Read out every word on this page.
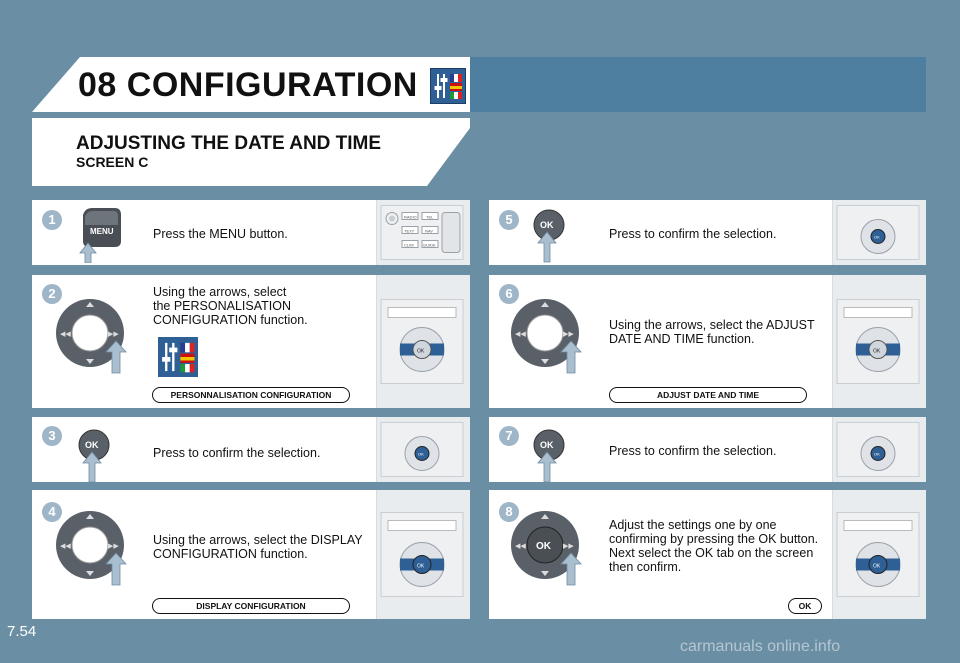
08 CONFIGURATION
ADJUSTING THE DATE AND TIME
SCREEN C
1
MENU	Press the MENU button.
RADIO TEL
TEXT	NAV
CLIM GUIDE
2
◀◀	▶▶
Using the arrows, select
the PERSONALISATION
CONFIGURATION function.
PERSONNALISATION CONFIGURATION
OK
3
OK
Press to confirm the selection.	OK
4
◀◀	▶▶	Using the arrows, select the DISPLAY
CONFIGURATION function.
DISPLAY CONFIGURATION
OK
5	OK
Press to confirm the selection.	OK
6
◀◀	▶▶
Using the arrows, select the ADJUST
DATE AND TIME function.
ADJUST DATE AND TIME
OK
7
OK	Press to confirm the selection.	OK
8
OK
◀◀	▶▶
Adjust the settings one by one
confirming by pressing the OK button.
Next select the OK tab on the screen
then confirm.
OK
OK
7.54
carmanuals online.info
